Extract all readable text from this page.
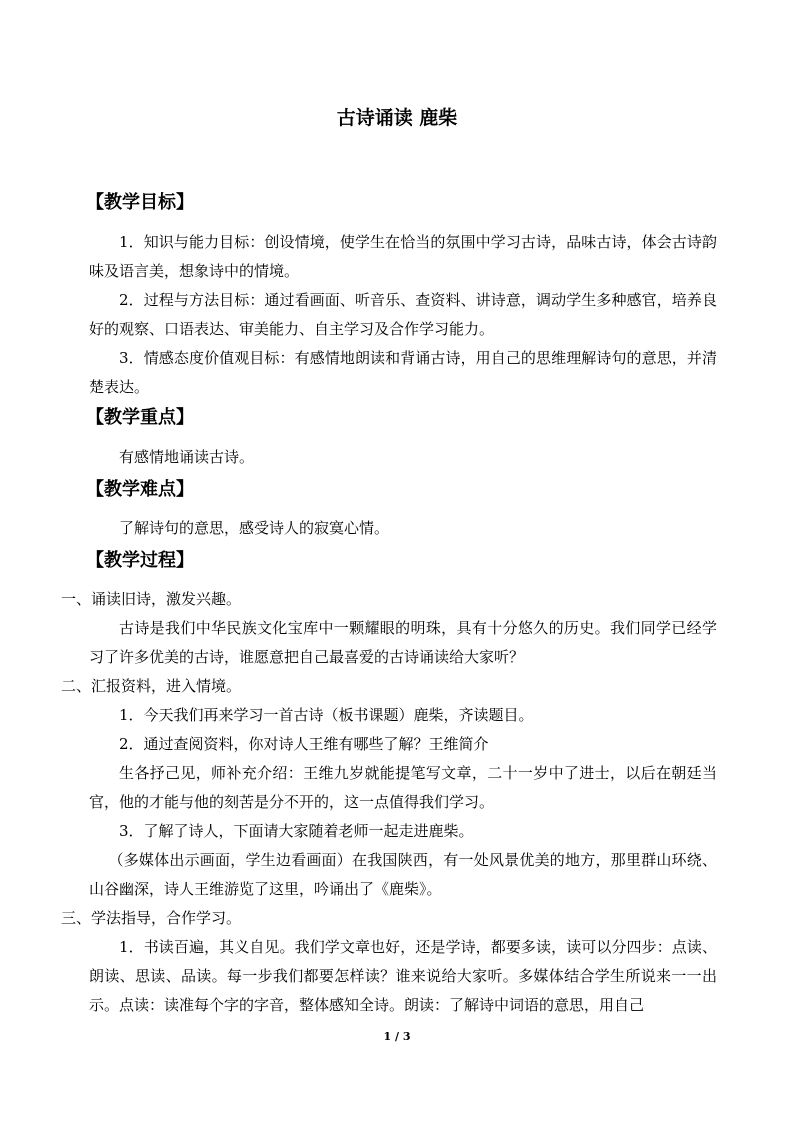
古诗诵读 鹿柴
【教学目标】
1．知识与能力目标：创设情境，使学生在恰当的氛围中学习古诗，品味古诗，体会古诗韵味及语言美，想象诗中的情境。
2．过程与方法目标：通过看画面、听音乐、查资料、讲诗意，调动学生多种感官，培养良好的观察、口语表达、审美能力、自主学习及合作学习能力。
3．情感态度价值观目标：有感情地朗读和背诵古诗，用自己的思维理解诗句的意思，并清楚表达。
【教学重点】
有感情地诵读古诗。
【教学难点】
了解诗句的意思，感受诗人的寂寞心情。
【教学过程】
一、诵读旧诗，激发兴趣。
古诗是我们中华民族文化宝库中一颗耀眼的明珠，具有十分悠久的历史。我们同学已经学习了许多优美的古诗，谁愿意把自己最喜爱的古诗诵读给大家听？
二、汇报资料，进入情境。
1．今天我们再来学习一首古诗（板书课题）鹿柴，齐读题目。
2．通过查阅资料，你对诗人王维有哪些了解？王维简介
生各抒己见，师补充介绍：王维九岁就能提笔写文章，二十一岁中了进士，以后在朝廷当官，他的才能与他的刻苦是分不开的，这一点值得我们学习。
3．了解了诗人，下面请大家随着老师一起走进鹿柴。
（多媒体出示画面，学生边看画面）在我国陕西，有一处风景优美的地方，那里群山环绕、山谷幽深，诗人王维游览了这里，吟诵出了《鹿柴》。
三、学法指导，合作学习。
1．书读百遍，其义自见。我们学文章也好，还是学诗，都要多读，读可以分四步：点读、朗读、思读、品读。每一步我们都要怎样读？谁来说给大家听。多媒体结合学生所说来一一出示。点读：读准每个字的字音，整体感知全诗。朗读：了解诗中词语的意思，用自己
1 / 3
